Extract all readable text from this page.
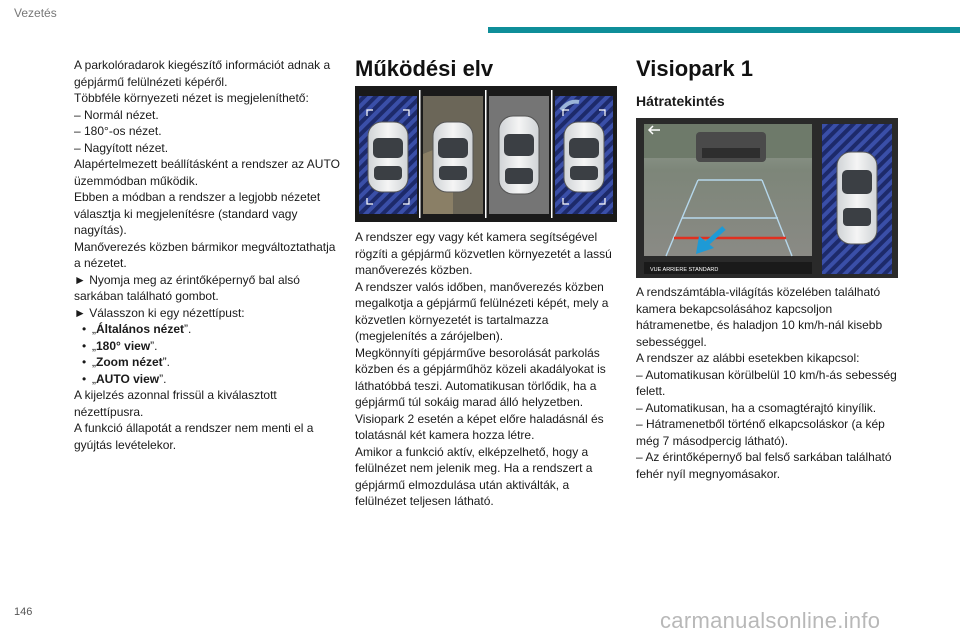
Vezetés

A parkolóradarok kiegészítő információt adnak a gépjármű felülnézeti képéről.

Többféle környezeti nézet is megjeleníthető:

– Normál nézet.

– 180°-os nézet.

– Nagyított nézet.

Alapértelmezett beállításként a rendszer az AUTO üzemmódban működik.

Ebben a módban a rendszer a legjobb nézetet választja ki megjelenítésre (standard vagy nagyítás).

Manőverezés közben bármikor megváltoztathatja a nézetet.

► Nyomja meg az érintőképernyő bal alsó sarkában található gombot.

► Válasszon ki egy nézettípust:

• „Általános nézet”.

• „180° view”.

• „Zoom nézet”.

• „AUTO view”.

A kijelzés azonnal frissül a kiválasztott nézettípusra.

A funkció állapotát a rendszer nem menti el a gyújtás levételekor.

Működési elv

A rendszer egy vagy két kamera segítségével rögzíti a gépjármű közvetlen környezetét a lassú manőverezés közben.

A rendszer valós időben, manőverezés közben megalkotja a gépjármű felülnézeti képét, mely a közvetlen környezetét is tartalmazza (megjelenítés a zárójelben).

Megkönnyíti gépjárműve besorolását parkolás közben és a gépjárműhöz közeli akadályokat is láthatóbbá teszi. Automatikusan törlődik, ha a gépjármű túl sokáig marad álló helyzetben.

Visiopark 2 esetén a képet előre haladásnál és tolatásnál két kamera hozza létre.

Amikor a funkció aktív, elképzelhető, hogy a felülnézet nem jelenik meg. Ha a rendszert a gépjármű elmozdulása után aktiválták, a felülnézet teljesen látható.

Visiopark 1
Hátratekintés
VUE ARRIERE STANDARD

A rendszámtábla-világítás közelében található kamera bekapcsolásához kapcsoljon hátramenetbe, és haladjon 10 km/h-nál kisebb sebességgel.

A rendszer az alábbi esetekben kikapcsol:

– Automatikusan körülbelül 10 km/h-ás sebesség felett.

– Automatikusan, ha a csomagtérajtó kinyílik.

– Hátramenetből történő elkapcsoláskor (a kép még 7 másodpercig látható).

– Az érintőképernyő bal felső sarkában található fehér nyíl megnyomásakor.

146	carmanualsonline.info
